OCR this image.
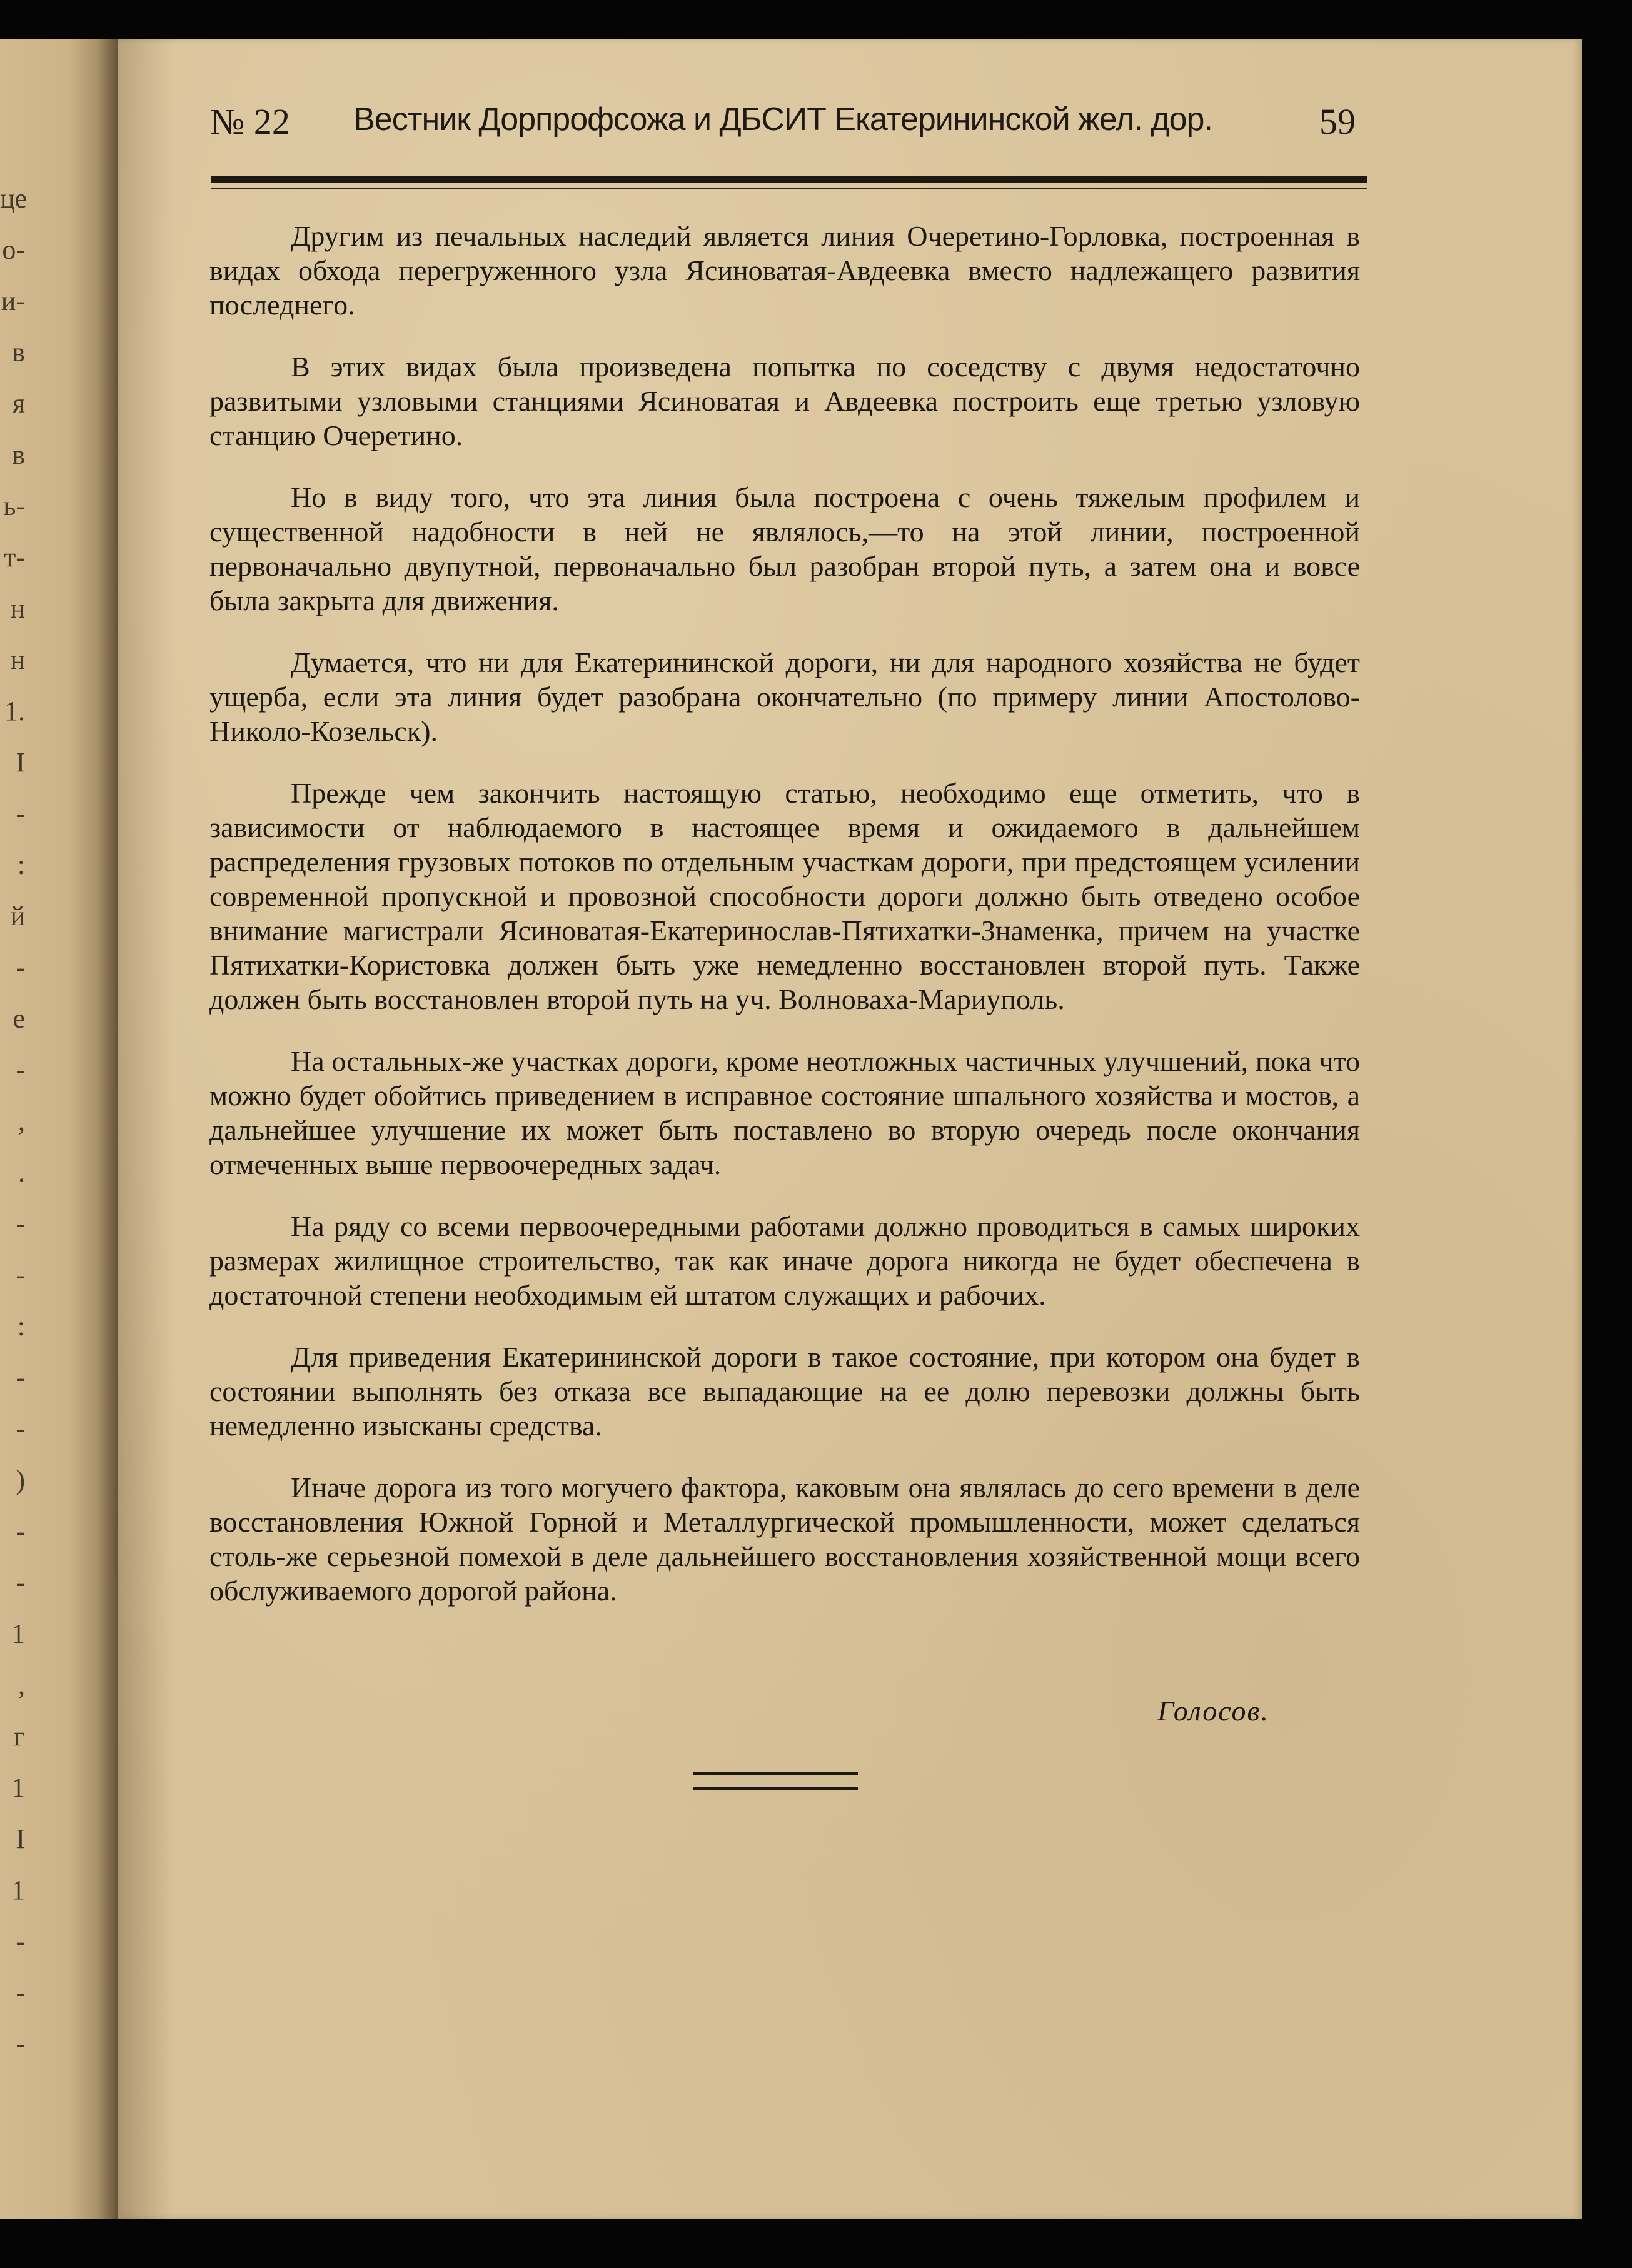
це
о-
и-
в
я
в
ь-
т-
н
н
1.
I
-
:
й
-
е
-
,
.
-
-
:
-
-
)
-
-
1
,
г
1
I
1
-
-
-
№ 22	Вестник Дорпрофсожа и ДБСИТ Екатерининской жел. дор.	59

Другим из печальных наследий является линия Очеретино-Горловка, построенная в видах обхода перегруженного узла Ясиноватая-Авдеевка вместо надлежащего развития последнего.

В этих видах была произведена попытка по соседству с двумя недостаточно развитыми узловыми станциями Ясиноватая и Авдеевка построить еще третью узловую станцию Очеретино.

Но в виду того, что эта линия была построена с очень тяжелым профилем и существенной надобности в ней не являлось,—то на этой линии, построенной первоначально двупутной, первоначально был разобран второй путь, а затем она и вовсе была закрыта для движения.

Думается, что ни для Екатерининской дороги, ни для народного хозяйства не будет ущерба, если эта линия будет разобрана окончательно (по примеру линии Апостолово-Николо-Козельск).

Прежде чем закончить настоящую статью, необходимо еще отметить, что в зависимости от наблюдаемого в настоящее время и ожидаемого в дальнейшем распределения грузовых потоков по отдельным участкам дороги, при предстоящем усилении современной пропускной и провозной способности дороги должно быть отведено особое внимание магистрали Ясиноватая-Екатеринослав-Пятихатки-Знаменка, причем на участке Пятихатки-Користовка должен быть уже немедленно восстановлен второй путь. Также должен быть восстановлен второй путь на уч. Волноваха-Мариуполь.

На остальных-же участках дороги, кроме неотложных частичных улучшений, пока что можно будет обойтись приведением в исправное состояние шпального хозяйства и мостов, а дальнейшее улучшение их может быть поставлено во вторую очередь после окончания отмеченных выше первоочередных задач.

На ряду со всеми первоочередными работами должно проводиться в самых широких размерах жилищное строительство, так как иначе дорога никогда не будет обеспечена в достаточной степени необходимым ей штатом служащих и рабочих.

Для приведения Екатерининской дороги в такое состояние, при котором она будет в состоянии выполнять без отказа все выпадающие на ее долю перевозки должны быть немедленно изысканы средства.

Иначе дорога из того могучего фактора, каковым она являлась до сего времени в деле восстановления Южной Горной и Металлургической промышленности, может сделаться столь-же серьезной помехой в деле дальнейшего восстановления хозяйственной мощи всего обслуживаемого дорогой района.

Голосов.
